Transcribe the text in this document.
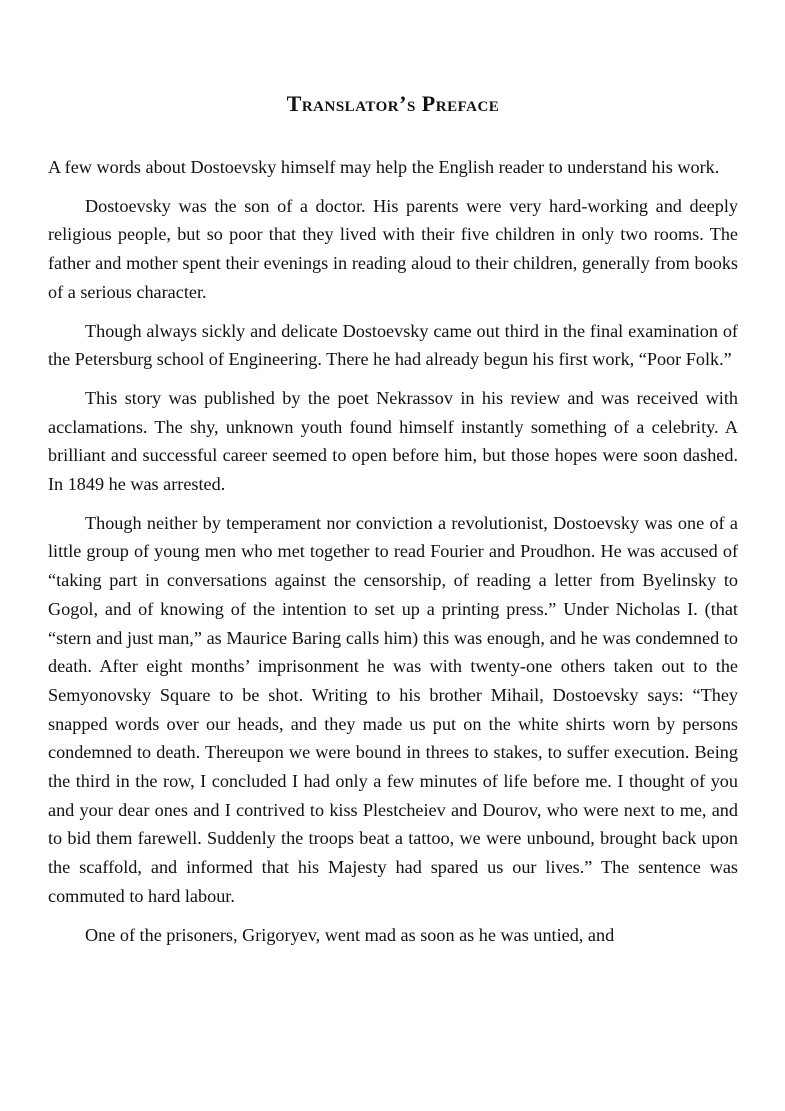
Translator’s Preface

A few words about Dostoevsky himself may help the English reader to understand his work.

Dostoevsky was the son of a doctor. His parents were very hard-working and deeply religious people, but so poor that they lived with their five children in only two rooms. The father and mother spent their evenings in reading aloud to their children, generally from books of a serious character.

Though always sickly and delicate Dostoevsky came out third in the final examination of the Petersburg school of Engineering. There he had already begun his first work, “Poor Folk.”

This story was published by the poet Nekrassov in his review and was received with acclamations. The shy, unknown youth found himself instantly something of a celebrity. A brilliant and successful career seemed to open before him, but those hopes were soon dashed. In 1849 he was arrested.

Though neither by temperament nor conviction a revolutionist, Dostoevsky was one of a little group of young men who met together to read Fourier and Proudhon. He was accused of “taking part in conversations against the censorship, of reading a letter from Byelinsky to Gogol, and of knowing of the intention to set up a printing press.” Under Nicholas I. (that “stern and just man,” as Maurice Baring calls him) this was enough, and he was condemned to death. After eight months’ imprisonment he was with twenty-one others taken out to the Semyonovsky Square to be shot. Writing to his brother Mihail, Dostoevsky says: “They snapped words over our heads, and they made us put on the white shirts worn by persons condemned to death. Thereupon we were bound in threes to stakes, to suffer execution. Being the third in the row, I concluded I had only a few minutes of life before me. I thought of you and your dear ones and I contrived to kiss Plestcheiev and Dourov, who were next to me, and to bid them farewell. Suddenly the troops beat a tattoo, we were unbound, brought back upon the scaffold, and informed that his Majesty had spared us our lives.” The sentence was commuted to hard labour.

One of the prisoners, Grigoryev, went mad as soon as he was untied, and
